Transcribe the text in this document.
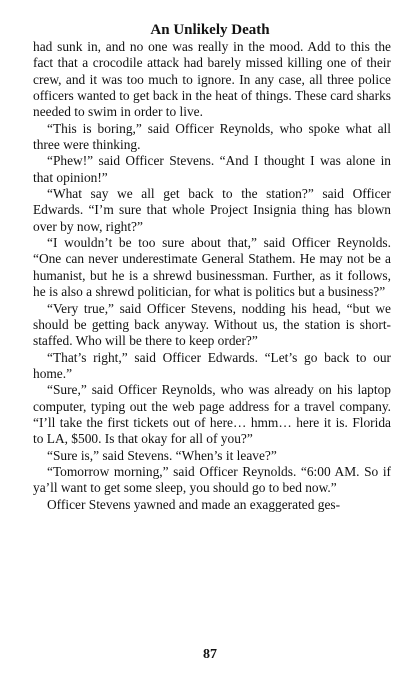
An Unlikely Death

had sunk in, and no one was really in the mood. Add to this the fact that a crocodile attack had barely missed killing one of their crew, and it was too much to ignore. In any case, all three police officers wanted to get back in the heat of things. These card sharks needed to swim in order to live.

“This is boring,” said Officer Reynolds, who spoke what all three were thinking.

“Phew!” said Officer Stevens. “And I thought I was alone in that opinion!”

“What say we all get back to the station?” said Officer Edwards. “I’m sure that whole Project Insignia thing has blown over by now, right?”

“I wouldn’t be too sure about that,” said Officer Reynolds. “One can never underestimate General Stathem. He may not be a humanist, but he is a shrewd businessman. Further, as it follows, he is also a shrewd politician, for what is politics but a business?”

“Very true,” said Officer Stevens, nodding his head, “but we should be getting back anyway. Without us, the station is short-staffed. Who will be there to keep order?”

“That’s right,” said Officer Edwards. “Let’s go back to our home.”

“Sure,” said Officer Reynolds, who was already on his laptop computer, typing out the web page address for a travel company. “I’ll take the first tickets out of here… hmm… here it is. Florida to LA, $500. Is that okay for all of you?”

“Sure is,” said Stevens. “When’s it leave?”

“Tomorrow morning,” said Officer Reynolds. “6:00 AM. So if ya’ll want to get some sleep, you should go to bed now.”

Officer Stevens yawned and made an exaggerated ges-

87
